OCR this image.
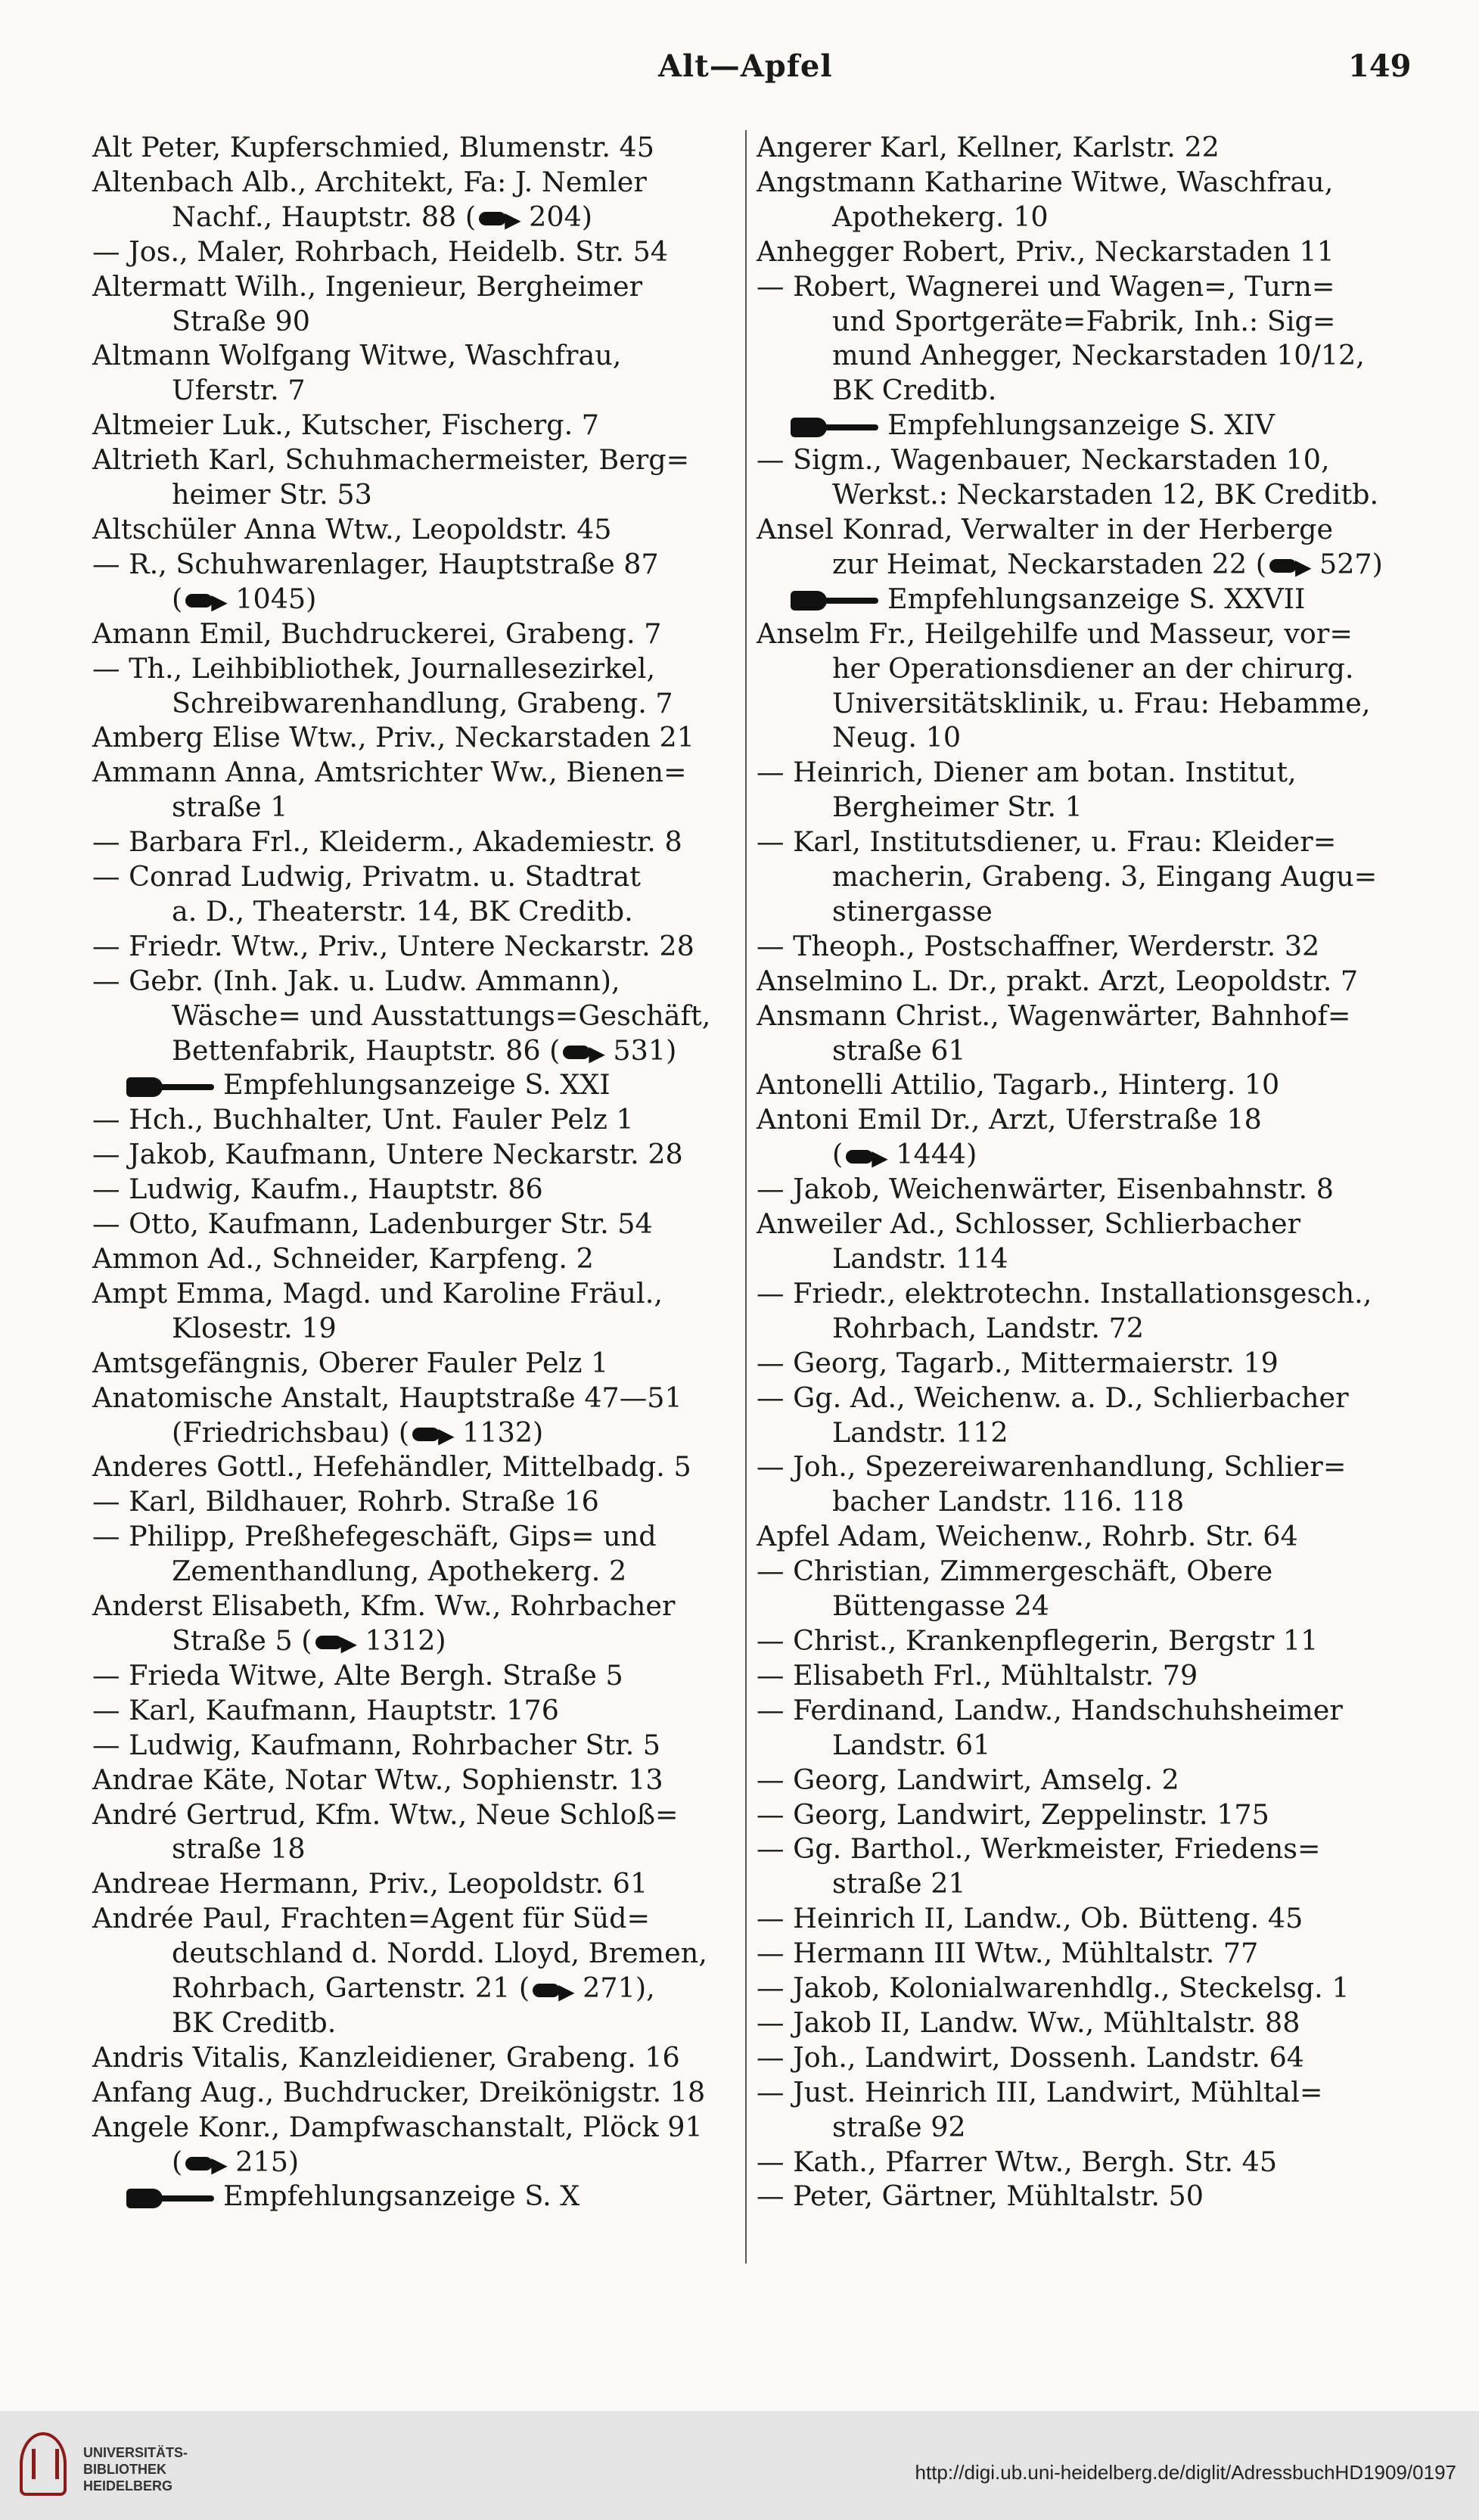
Alt—Apfel	149
Alt Peter, Kupferschmied, Blumenstr. 45
Altenbach Alb., Architekt, Fa: J. Nemler
Nachf., Hauptstr. 88 ( ▶ 204)
— Jos., Maler, Rohrbach, Heidelb. Str. 54
Altermatt Wilh., Ingenieur, Bergheimer
Straße 90
Altmann Wolfgang Witwe, Waschfrau,
Uferstr. 7
Altmeier Luk., Kutscher, Fischerg. 7
Altrieth Karl, Schuhmachermeister, Berg=
heimer Str. 53
Altschüler Anna Wtw., Leopoldstr. 45
— R., Schuhwarenlager, Hauptstraße 87
( ▶ 1045)
Amann Emil, Buchdruckerei, Grabeng. 7
— Th., Leihbibliothek, Journallesezirkel,
Schreibwarenhandlung, Grabeng. 7
Amberg Elise Wtw., Priv., Neckarstaden 21
Ammann Anna, Amtsrichter Ww., Bienen=
straße 1
— Barbara Frl., Kleiderm., Akademiestr. 8
— Conrad Ludwig, Privatm. u. Stadtrat
a. D., Theaterstr. 14, BK Creditb.
— Friedr. Wtw., Priv., Untere Neckarstr. 28
— Gebr. (Inh. Jak. u. Ludw. Ammann),
Wäsche= und Ausstattungs=Geschäft,
Bettenfabrik, Hauptstr. 86 ( ▶ 531)
Empfehlungsanzeige S. XXI
— Hch., Buchhalter, Unt. Fauler Pelz 1
— Jakob, Kaufmann, Untere Neckarstr. 28
— Ludwig, Kaufm., Hauptstr. 86
— Otto, Kaufmann, Ladenburger Str. 54
Ammon Ad., Schneider, Karpfeng. 2
Ampt Emma, Magd. und Karoline Fräul.,
Klosestr. 19
Amtsgefängnis, Oberer Fauler Pelz 1
Anatomische Anstalt, Hauptstraße 47—51
(Friedrichsbau) ( ▶ 1132)
Anderes Gottl., Hefehändler, Mittelbadg. 5
— Karl, Bildhauer, Rohrb. Straße 16
— Philipp, Preßhefegeschäft, Gips= und
Zementhandlung, Apothekerg. 2
Anderst Elisabeth, Kfm. Ww., Rohrbacher
Straße 5 ( ▶ 1312)
— Frieda Witwe, Alte Bergh. Straße 5
— Karl, Kaufmann, Hauptstr. 176
— Ludwig, Kaufmann, Rohrbacher Str. 5
Andrae Käte, Notar Wtw., Sophienstr. 13
André Gertrud, Kfm. Wtw., Neue Schloß=
straße 18
Andreae Hermann, Priv., Leopoldstr. 61
Andrée Paul, Frachten=Agent für Süd=
deutschland d. Nordd. Lloyd, Bremen,
Rohrbach, Gartenstr. 21 ( ▶ 271),
BK Creditb.
Andris Vitalis, Kanzleidiener, Grabeng. 16
Anfang Aug., Buchdrucker, Dreikönigstr. 18
Angele Konr., Dampfwaschanstalt, Plöck 91
( ▶ 215)
Empfehlungsanzeige S. X
Angerer Karl, Kellner, Karlstr. 22
Angstmann Katharine Witwe, Waschfrau,
Apothekerg. 10
Anhegger Robert, Priv., Neckarstaden 11
— Robert, Wagnerei und Wagen=, Turn=
und Sportgeräte=Fabrik, Inh.: Sig=
mund Anhegger, Neckarstaden 10/12,
BK Creditb.
Empfehlungsanzeige S. XIV
— Sigm., Wagenbauer, Neckarstaden 10,
Werkst.: Neckarstaden 12, BK Creditb.
Ansel Konrad, Verwalter in der Herberge
zur Heimat, Neckarstaden 22 ( ▶ 527)
Empfehlungsanzeige S. XXVII
Anselm Fr., Heilgehilfe und Masseur, vor=
her Operationsdiener an der chirurg.
Universitätsklinik, u. Frau: Hebamme,
Neug. 10
— Heinrich, Diener am botan. Institut,
Bergheimer Str. 1
— Karl, Institutsdiener, u. Frau: Kleider=
macherin, Grabeng. 3, Eingang Augu=
stinergasse
— Theoph., Postschaffner, Werderstr. 32
Anselmino L. Dr., prakt. Arzt, Leopoldstr. 7
Ansmann Christ., Wagenwärter, Bahnhof=
straße 61
Antonelli Attilio, Tagarb., Hinterg. 10
Antoni Emil Dr., Arzt, Uferstraße 18
( ▶ 1444)
— Jakob, Weichenwärter, Eisenbahnstr. 8
Anweiler Ad., Schlosser, Schlierbacher
Landstr. 114
— Friedr., elektrotechn. Installationsgesch.,
Rohrbach, Landstr. 72
— Georg, Tagarb., Mittermaierstr. 19
— Gg. Ad., Weichenw. a. D., Schlierbacher
Landstr. 112
— Joh., Spezereiwarenhandlung, Schlier=
bacher Landstr. 116. 118
Apfel Adam, Weichenw., Rohrb. Str. 64
— Christian, Zimmergeschäft, Obere
Büttengasse 24
— Christ., Krankenpflegerin, Bergstr 11
— Elisabeth Frl., Mühltalstr. 79
— Ferdinand, Landw., Handschuhsheimer
Landstr. 61
— Georg, Landwirt, Amselg. 2
— Georg, Landwirt, Zeppelinstr. 175
— Gg. Barthol., Werkmeister, Friedens=
straße 21
— Heinrich II, Landw., Ob. Bütteng. 45
— Hermann III Wtw., Mühltalstr. 77
— Jakob, Kolonialwarenhdlg., Steckelsg. 1
— Jakob II, Landw. Ww., Mühltalstr. 88
— Joh., Landwirt, Dossenh. Landstr. 64
— Just. Heinrich III, Landwirt, Mühltal=
straße 92
— Kath., Pfarrer Wtw., Bergh. Str. 45
— Peter, Gärtner, Mühltalstr. 50
UNIVERSITÄTS-
BIBLIOTHEK
HEIDELBERG
http://digi.ub.uni-heidelberg.de/diglit/AdressbuchHD1909/0197
